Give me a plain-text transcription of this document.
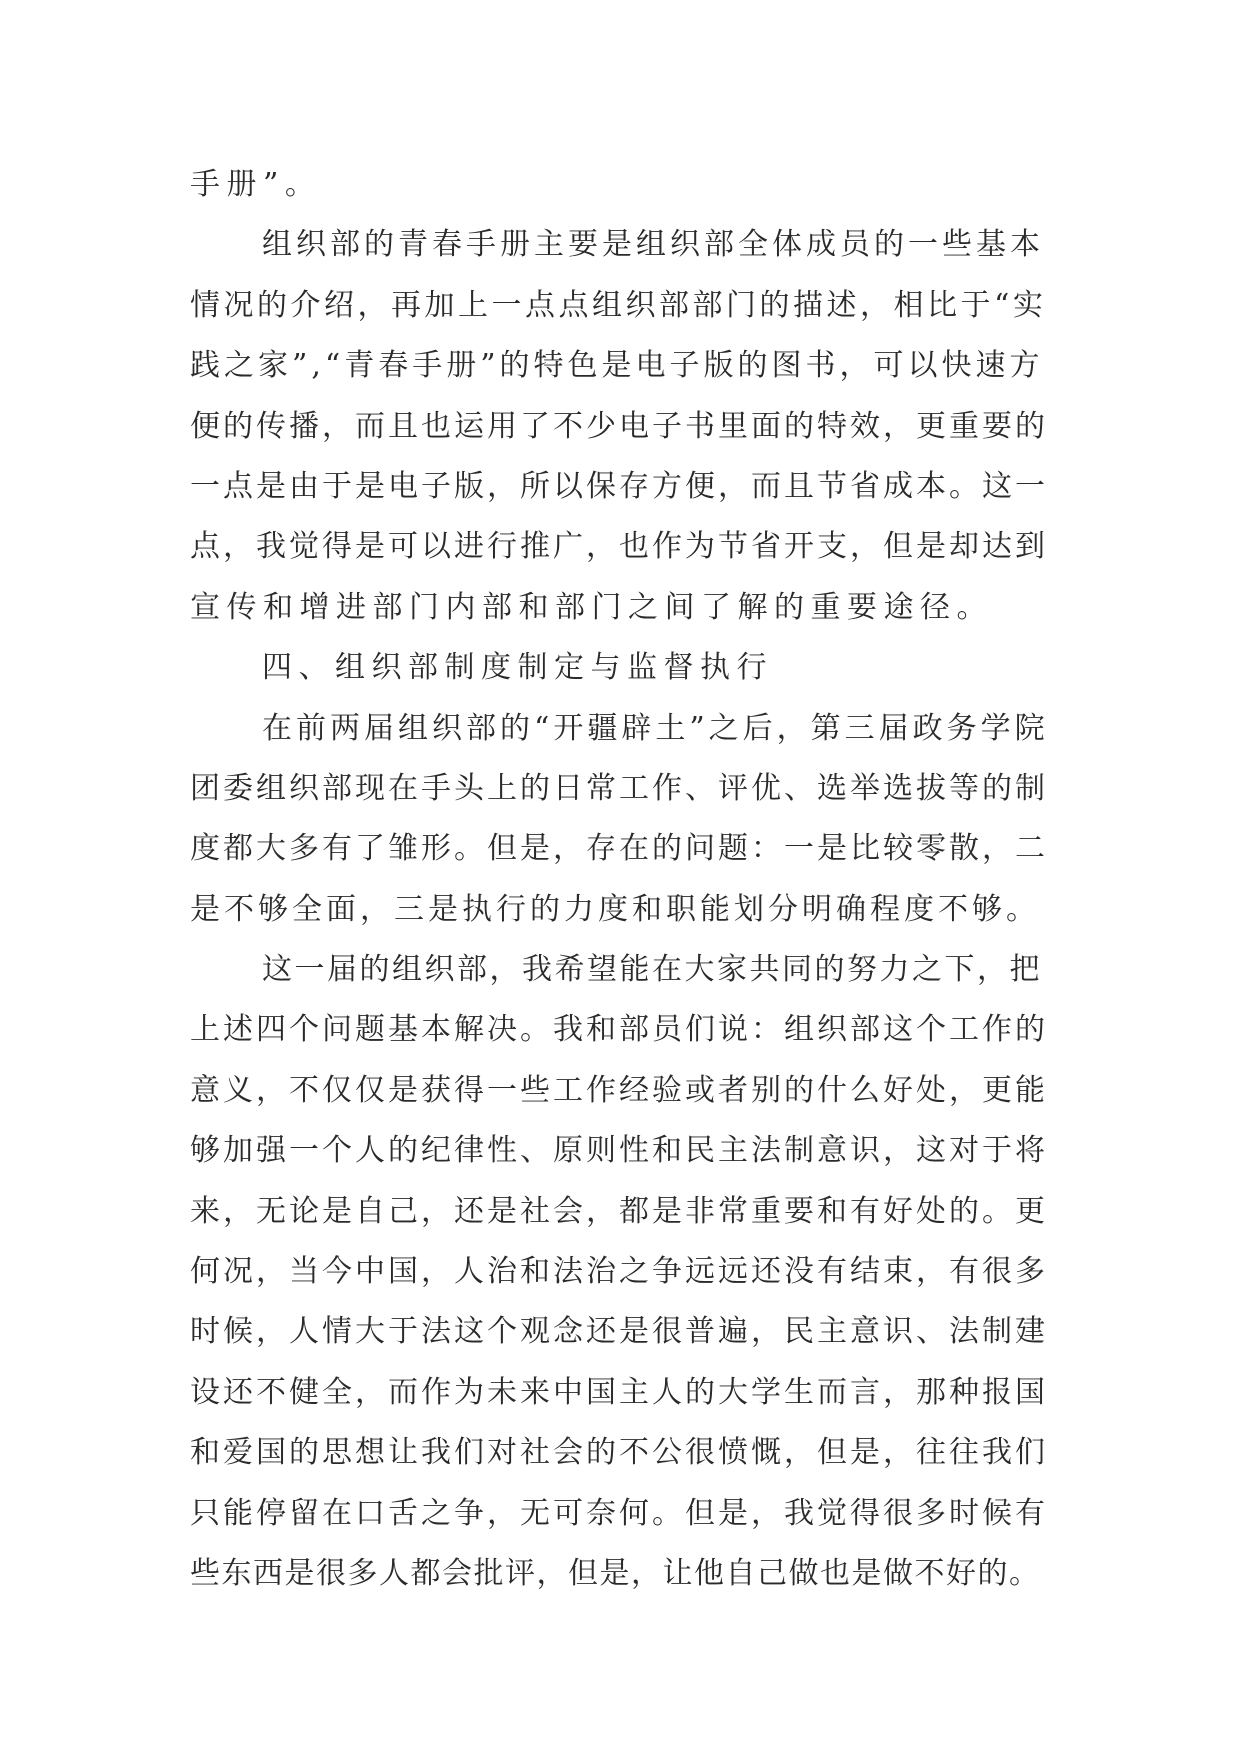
手册”。
组织部的青春手册主要是组织部全体成员的一些基本
情况的介绍，再加上一点点组织部部门的描述，相比于“实
践之家”,“青春手册”的特色是电子版的图书，可以快速方
便的传播，而且也运用了不少电子书里面的特效，更重要的
一点是由于是电子版，所以保存方便，而且节省成本。这一
点，我觉得是可以进行推广，也作为节省开支，但是却达到
宣传和增进部门内部和部门之间了解的重要途径。
四、组织部制度制定与监督执行
在前两届组织部的“开疆辟土”之后，第三届政务学院
团委组织部现在手头上的日常工作、评优、选举选拔等的制
度都大多有了雏形。但是，存在的问题：一是比较零散，二
是不够全面，三是执行的力度和职能划分明确程度不够。
这一届的组织部，我希望能在大家共同的努力之下，把
上述四个问题基本解决。我和部员们说：组织部这个工作的
意义，不仅仅是获得一些工作经验或者别的什么好处，更能
够加强一个人的纪律性、原则性和民主法制意识，这对于将
来，无论是自己，还是社会，都是非常重要和有好处的。更
何况，当今中国，人治和法治之争远远还没有结束，有很多
时候，人情大于法这个观念还是很普遍，民主意识、法制建
设还不健全，而作为未来中国主人的大学生而言，那种报国
和爱国的思想让我们对社会的不公很愤慨，但是，往往我们
只能停留在口舌之争，无可奈何。但是，我觉得很多时候有
些东西是很多人都会批评，但是，让他自己做也是做不好的。
